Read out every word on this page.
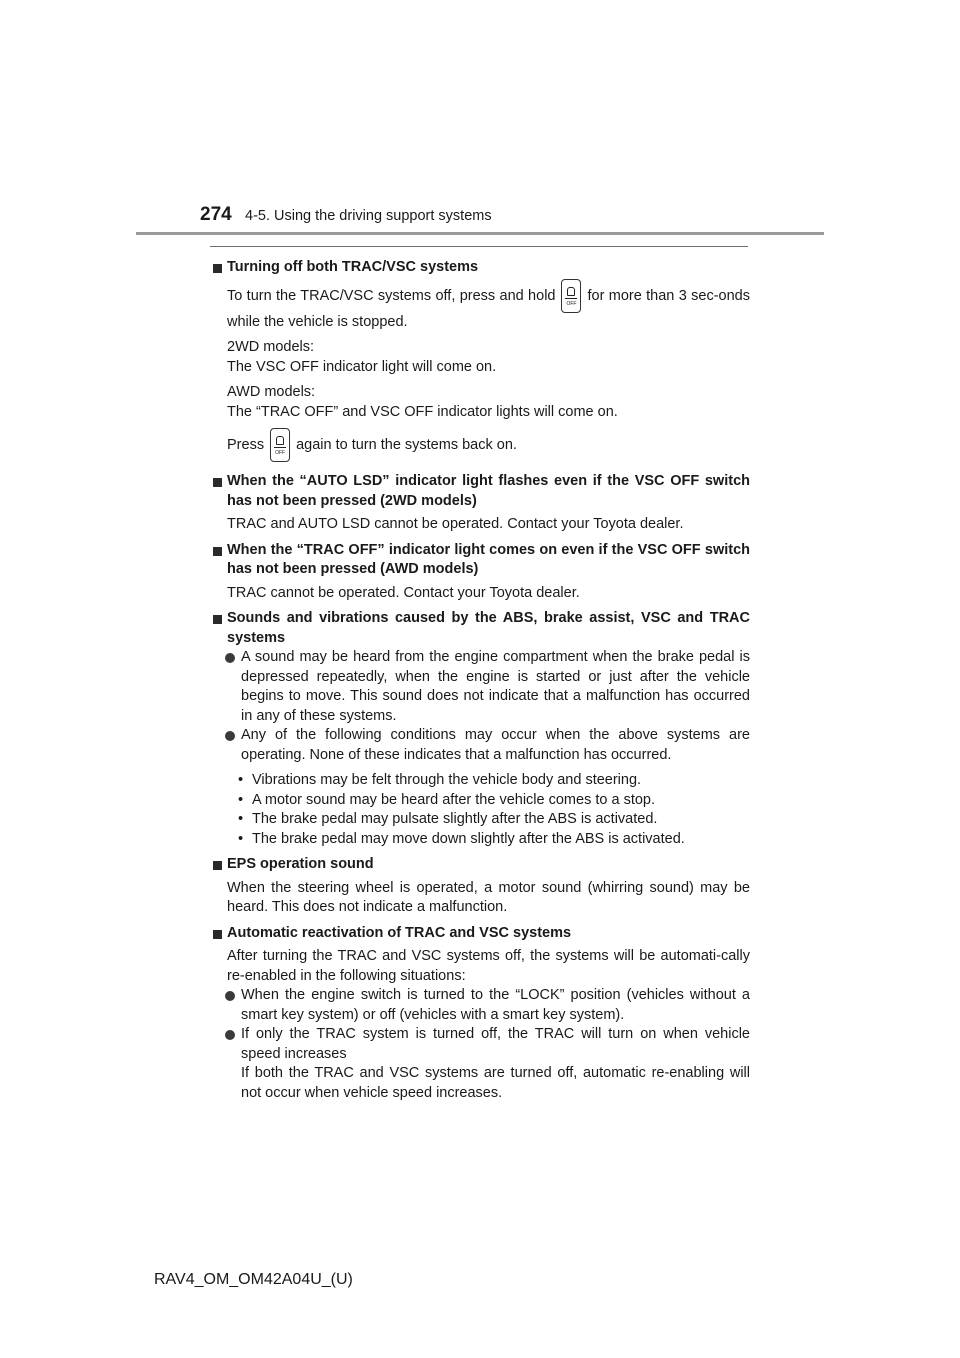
274 4-5. Using the driving support systems

Turning off both TRAC/VSC systems

To turn the TRAC/VSC systems off, press and hold
OFF
for more than 3 sec-onds while the vehicle is stopped.

2WD models:
The VSC OFF indicator light will come on.

AWD models:
The “TRAC OFF” and VSC OFF indicator lights will come on.

Press
OFF
again to turn the systems back on.

When the “AUTO LSD” indicator light flashes even if the VSC OFF switch has not been pressed (2WD models)

TRAC and AUTO LSD cannot be operated. Contact your Toyota dealer.

When the “TRAC OFF” indicator light comes on even if the VSC OFF switch has not been pressed (AWD models)

TRAC cannot be operated. Contact your Toyota dealer.

Sounds and vibrations caused by the ABS, brake assist, VSC and TRAC systems

A sound may be heard from the engine compartment when the brake pedal is depressed repeatedly, when the engine is started or just after the vehicle begins to move. This sound does not indicate that a malfunction has occurred in any of these systems.

Any of the following conditions may occur when the above systems are operating. None of these indicates that a malfunction has occurred.

• Vibrations may be felt through the vehicle body and steering.

• A motor sound may be heard after the vehicle comes to a stop.

• The brake pedal may pulsate slightly after the ABS is activated.

• The brake pedal may move down slightly after the ABS is activated.

EPS operation sound

When the steering wheel is operated, a motor sound (whirring sound) may be heard. This does not indicate a malfunction.

Automatic reactivation of TRAC and VSC systems

After turning the TRAC and VSC systems off, the systems will be automati-cally re-enabled in the following situations:

When the engine switch is turned to the “LOCK” position (vehicles without a smart key system) or off (vehicles with a smart key system).

If only the TRAC system is turned off, the TRAC will turn on when vehicle speed increases
If both the TRAC and VSC systems are turned off, automatic re-enabling will not occur when vehicle speed increases.

RAV4_OM_OM42A04U_(U)
